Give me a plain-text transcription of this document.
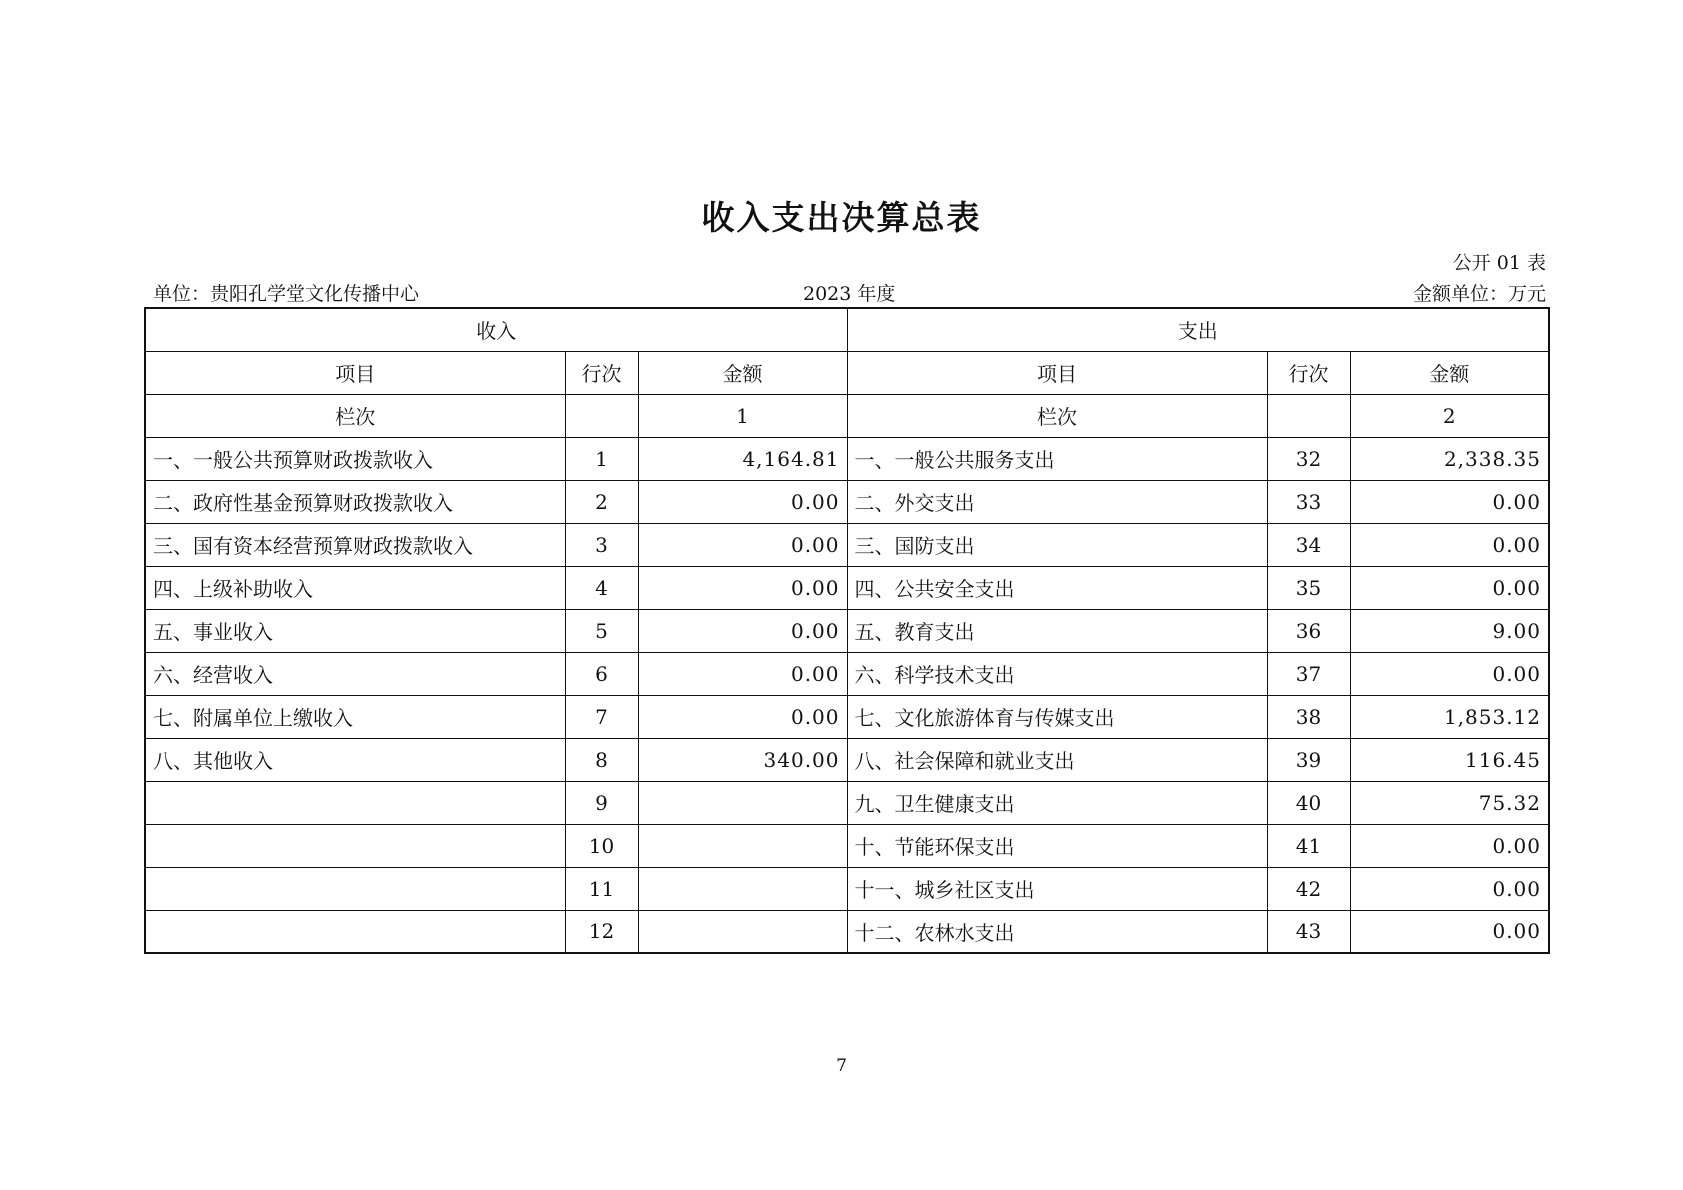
收入支出决算总表
公开 01 表
单位：贵阳孔学堂文化传播中心	2023 年度	金额单位：万元
收入			支出		
项目	行次	金额	项目	行次	金额
栏次		1	栏次		2
一、一般公共预算财政拨款收入	1	4,164.81	一、一般公共服务支出	32	2,338.35
二、政府性基金预算财政拨款收入	2	0.00	二、外交支出	33	0.00
三、国有资本经营预算财政拨款收入	3	0.00	三、国防支出	34	0.00
四、上级补助收入	4	0.00	四、公共安全支出	35	0.00
五、事业收入	5	0.00	五、教育支出	36	9.00
六、经营收入	6	0.00	六、科学技术支出	37	0.00
七、附属单位上缴收入	7	0.00	七、文化旅游体育与传媒支出	38	1,853.12
八、其他收入	8	340.00	八、社会保障和就业支出	39	116.45
	9		九、卫生健康支出	40	75.32
	10		十、节能环保支出	41	0.00
	11		十一、城乡社区支出	42	0.00
	12		十二、农林水支出	43	0.00
7
